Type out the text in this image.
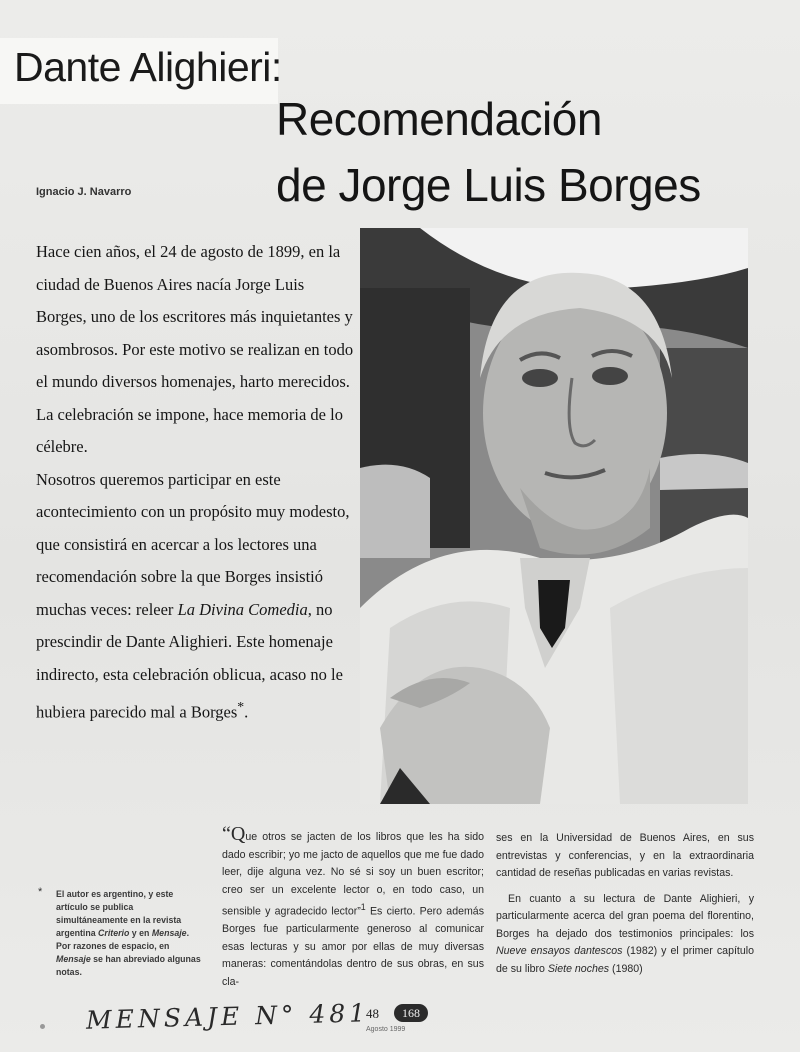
Dante Alighieri:
Recomendación
de Jorge Luis Borges
Ignacio J. Navarro

Hace cien años, el 24 de agosto de 1899, en la ciudad de Buenos Aires nacía Jorge Luis Borges, uno de los escritores más inquietantes y asombrosos. Por este motivo se realizan en todo el mundo diversos homenajes, harto merecidos. La celebración se impone, hace memoria de lo célebre.

Nosotros queremos participar en este acontecimiento con un propósito muy modesto, que consistirá en acercar a los lectores una recomendación sobre la que Borges insistió muchas veces: releer La Divina Comedia, no prescindir de Dante Alighieri. Este homenaje indirecto, esta celebración oblicua, acaso no le hubiera parecido mal a Borges*.

“Que otros se jacten de los libros que les ha sido dado escribir; yo me jacto de aquellos que me fue dado leer, dije alguna vez. No sé si soy un buen escritor; creo ser un excelente lector o, en todo caso, un sensible y agradecido lector”$^1$ Es cierto. Pero además Borges fue particularmente generoso al comunicar esas lecturas y su amor por ellas de muy diversas maneras: comentándolas dentro de sus obras, en sus cla-

ses en la Universidad de Buenos Aires, en sus entrevistas y conferencias, y en la extraordinaria cantidad de reseñas publicadas en varias revistas.

En cuanto a su lectura de Dante Alighieri, y particularmente acerca del gran poema del florentino, Borges ha dejado dos testimonios principales: los Nueve ensayos dantescos (1982) y el primer capítulo de su libro Siete noches (1980)

* El autor es argentino, y este artículo se publica simultáneamente en la revista argentina Criterio y en Mensaje. Por razones de espacio, en Mensaje se han abreviado algunas notas.
MENSAJE N° 481
48	168
Agosto 1999
